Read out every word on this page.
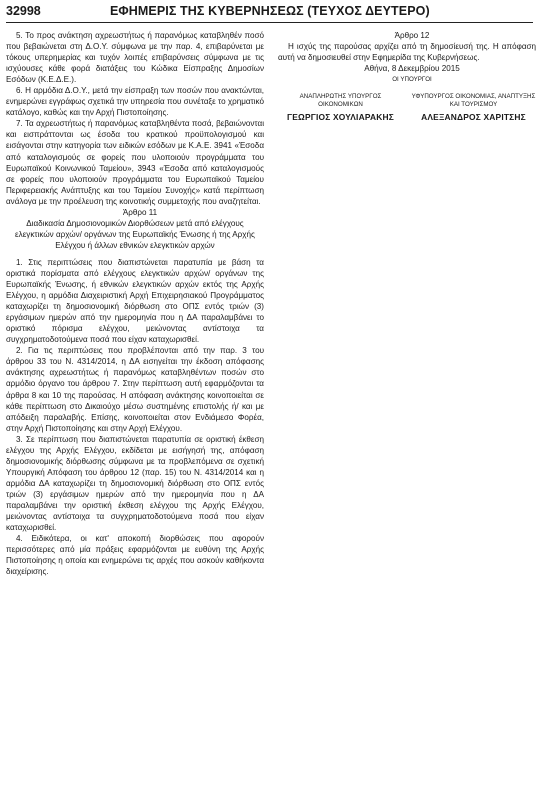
32998	ΕΦΗΜΕΡΙΣ ΤΗΣ ΚΥΒΕΡΝΗΣΕΩΣ (ΤΕΥΧΟΣ ΔΕΥΤΕΡΟ)

5. Το προς ανάκτηση αχρεωστήτως ή παρανόμως καταβληθέν ποσό που βεβαιώνεται στη Δ.Ο.Υ. σύμφωνα με την παρ. 4, επιβαρύνεται με τόκους υπερημερίας και τυχόν λοιπές επιβαρύνσεις σύμφωνα με τις ισχύουσες κάθε φορά διατάξεις του Κώδικα Είσπραξης Δημοσίων Εσόδων (Κ.Ε.Δ.Ε.).

6. Η αρμόδια Δ.Ο.Υ., μετά την είσπραξη των ποσών που ανακτώνται, ενημερώνει εγγράφως σχετικά την υπηρεσία που συνέταξε το χρηματικό κατάλογο, καθώς και την Αρχή Πιστοποίησης.

7. Τα αχρεωστήτως ή παρανόμως καταβληθέντα ποσά, βεβαιώνονται και εισπράττονται ως έσοδα του κρατικού προϋπολογισμού και εισάγονται στην κατηγορία των ειδικών εσόδων με Κ.Α.Ε. 3941 «Έσοδα από καταλογισμούς σε φορείς που υλοποιούν προγράμματα του Ευρωπαϊκού Κοινωνικού Ταμείου», 3943 «Έσοδα από καταλογισμούς σε φορείς που υλοποιούν προγράμματα του Ευρωπαϊκού Ταμείου Περιφερειακής Ανάπτυξης και του Ταμείου Συνοχής» κατά περίπτωση ανάλογα με την προέλευση της κοινοτικής συμμετοχής που αναζητείται.

Άρθρο 11

Διαδικασία Δημοσιονομικών Διορθώσεων μετά από ελέγχους ελεγκτικών αρχών/ οργάνων της Ευρωπαϊκής Ένωσης ή της Αρχής Ελέγχου ή άλλων εθνικών ελεγκτικών αρχών

1. Στις περιπτώσεις που διαπιστώνεται παρατυπία με βάση τα οριστικά πορίσματα από ελέγχους ελεγκτικών αρχών/ οργάνων της Ευρωπαϊκής Ένωσης, ή εθνικών ελεγκτικών αρχών εκτός της Αρχής Ελέγχου, η αρμόδια Διαχειριστική Αρχή Επιχειρησιακού Προγράμματος καταχωρίζει τη δημοσιονομική διόρθωση στο ΟΠΣ εντός τριών (3) εργάσιμων ημερών από την ημερομηνία που η ΔΑ παραλαμβάνει το οριστικό πόρισμα ελέγχου, μειώνοντας αντίστοιχα τα συγχρηματοδοτούμενα ποσά που είχαν καταχωρισθεί.

2. Για τις περιπτώσεις που προβλέπονται από την παρ. 3 του άρθρου 33 του Ν. 4314/2014, η ΔΑ εισηγείται την έκδοση απόφασης ανάκτησης αχρεωστήτως ή παρανόμως καταβληθέντων ποσών στο αρμόδιο όργανο του άρθρου 7. Στην περίπτωση αυτή εφαρμόζονται τα άρθρα 8 και 10 της παρούσας. Η απόφαση ανάκτησης κοινοποιείται σε κάθε περίπτωση στο Δικαιούχο μέσω συστημένης επιστολής ή/ και με απόδειξη παραλαβής. Επίσης, κοινοποιείται στον Ενδιάμεσο Φορέα, στην Αρχή Πιστοποίησης και στην Αρχή Ελέγχου.

3. Σε περίπτωση που διαπιστώνεται παρατυπία σε οριστική έκθεση ελέγχου της Αρχής Ελέγχου, εκδίδεται με εισήγησή της, απόφαση δημοσιονομικής διόρθωσης σύμφωνα με τα προβλεπόμενα σε σχετική Υπουργική Απόφαση του άρθρου 12 (παρ. 15) του Ν. 4314/2014 και η αρμόδια ΔΑ καταχωρίζει τη δημοσιονομική διόρθωση στο ΟΠΣ εντός τριών (3) εργάσιμων ημερών από την ημερομηνία που η ΔΑ παραλαμβάνει την οριστική έκθεση ελέγχου της Αρχής Ελέγχου, μειώνοντας αντίστοιχα τα συγχρηματοδοτούμενα ποσά που είχαν καταχωρισθεί.

4. Ειδικότερα, οι κατ' αποκοπή διορθώσεις που αφορούν περισσότερες από μία πράξεις εφαρμόζονται με ευθύνη της Αρχής Πιστοποίησης η οποία και ενημερώνει τις αρχές που ασκούν καθήκοντα διαχείρισης.

Άρθρο 12

Η ισχύς της παρούσας αρχίζει από τη δημοσίευσή της. Η απόφαση αυτή να δημοσιευθεί στην Εφημερίδα της Κυβερνήσεως.

Αθήνα, 8 Δεκεμβρίου 2015

ΟΙ ΥΠΟΥΡΓΟΙ

ΑΝΑΠΛΗΡΩΤΗΣ ΥΠΟΥΡΓΟΣ ΟΙΚΟΝΟΜΙΚΩΝ
ΓΕΩΡΓΙΟΣ ΧΟΥΛΙΑΡΑΚΗΣ
ΥΦΥΠΟΥΡΓΟΣ ΟΙΚΟΝΟΜΙΑΣ, ΑΝΑΠΤΥΞΗΣ ΚΑΙ ΤΟΥΡΙΣΜΟΥ
ΑΛΕΞΑΝΔΡΟΣ ΧΑΡΙΤΣΗΣ
